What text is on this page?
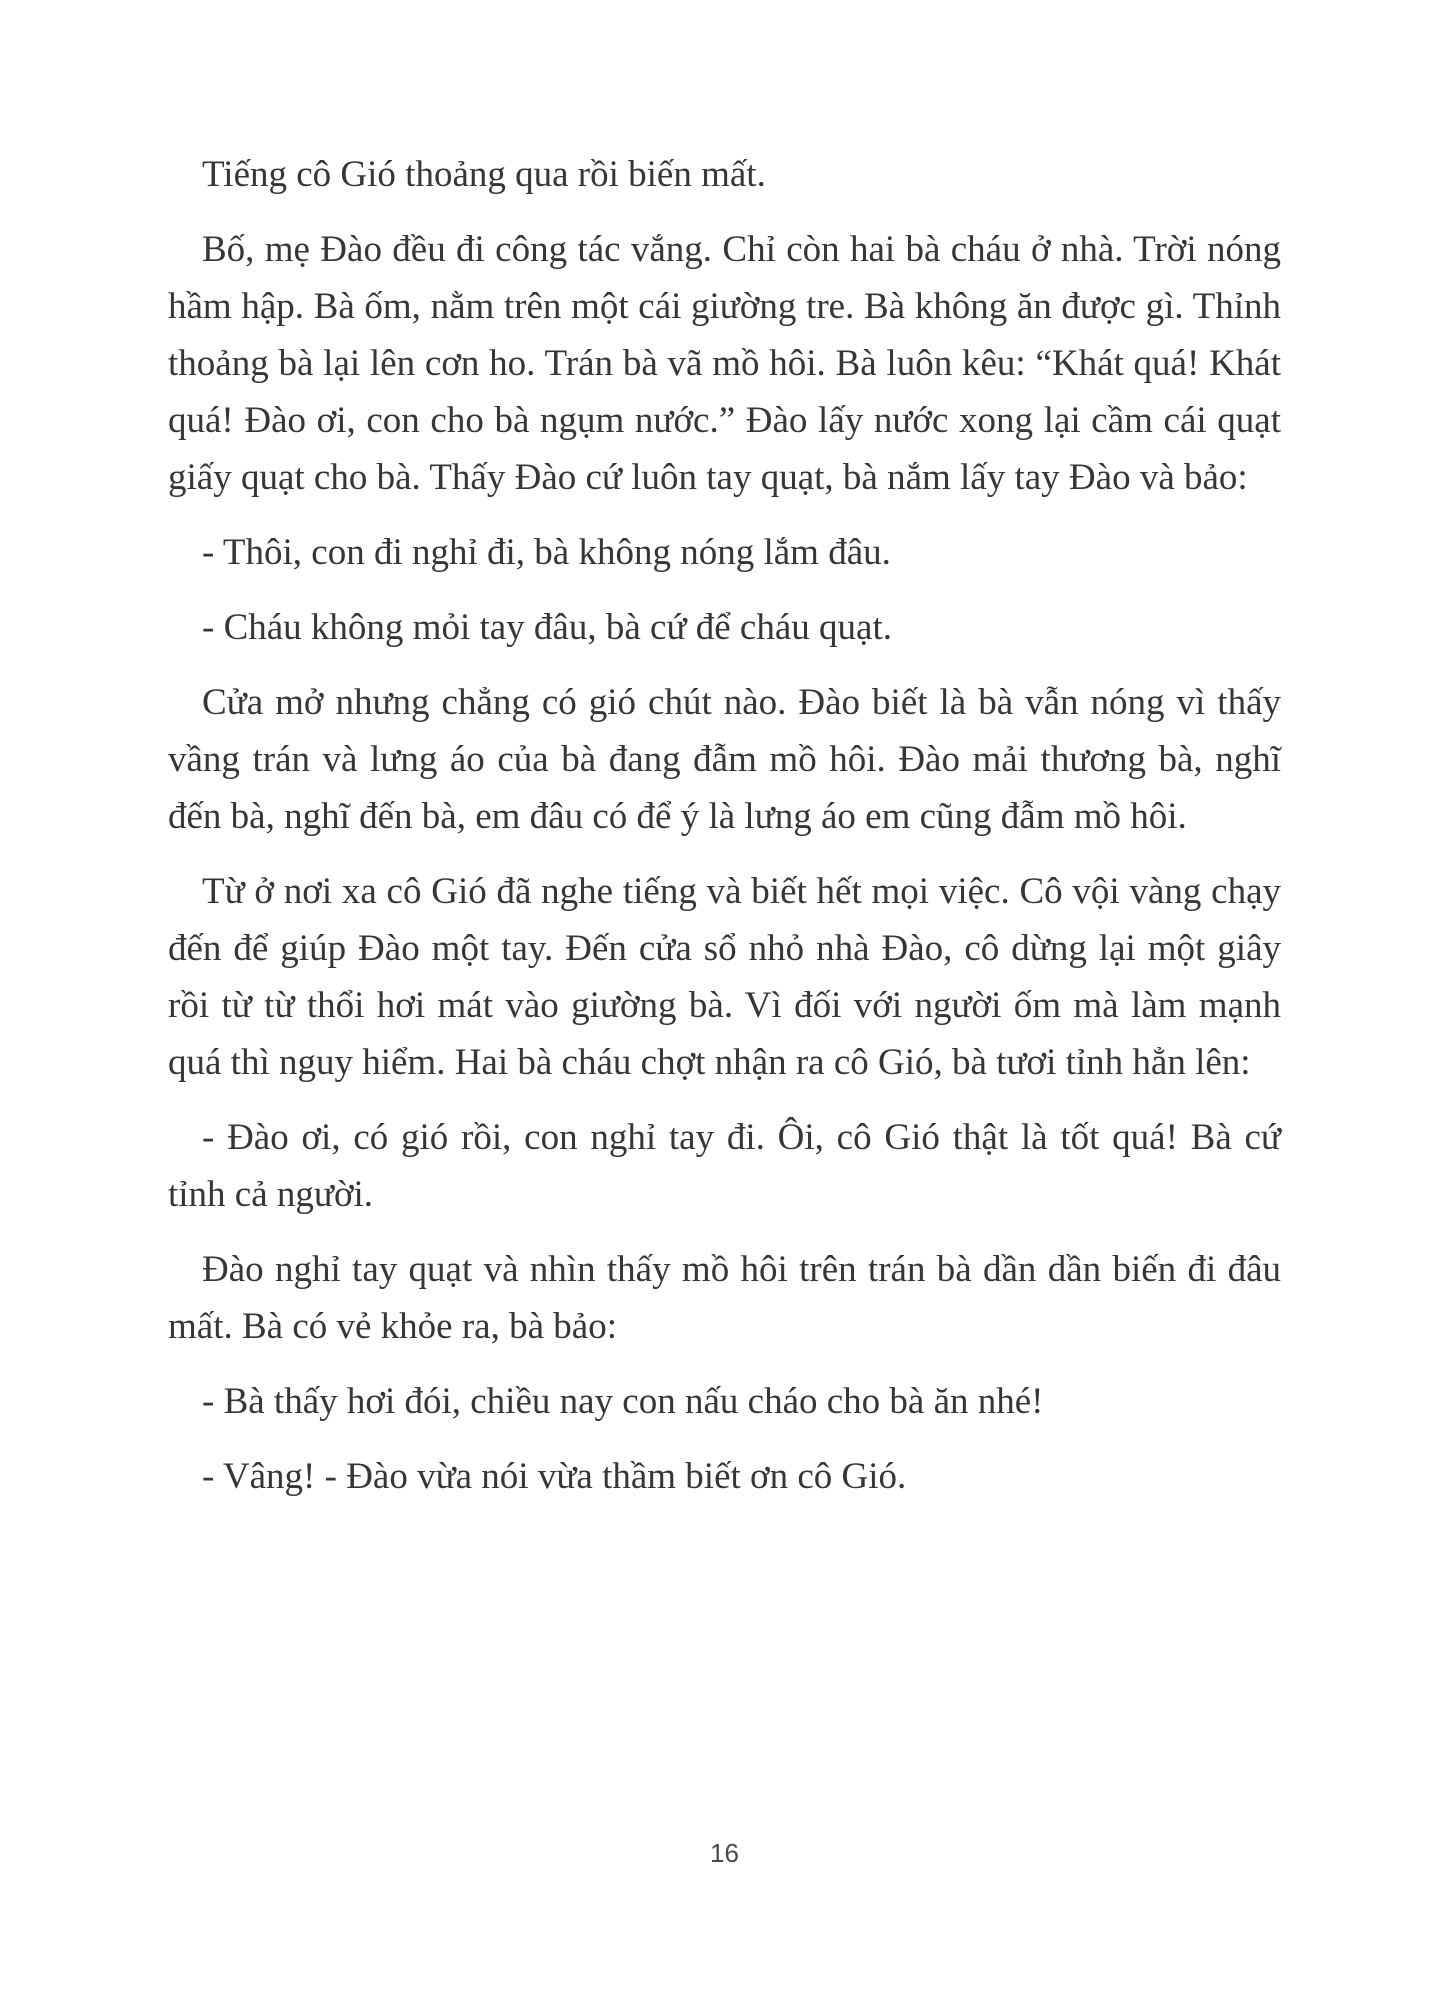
Tiếng cô Gió thoảng qua rồi biến mất.

Bố, mẹ Đào đều đi công tác vắng. Chỉ còn hai bà cháu ở nhà. Trời nóng hầm hập. Bà ốm, nằm trên một cái giường tre. Bà không ăn được gì. Thỉnh thoảng bà lại lên cơn ho. Trán bà vã mồ hôi. Bà luôn kêu: “Khát quá! Khát quá! Đào ơi, con cho bà ngụm nước.” Đào lấy nước xong lại cầm cái quạt giấy quạt cho bà. Thấy Đào cứ luôn tay quạt, bà nắm lấy tay Đào và bảo:

- Thôi, con đi nghỉ đi, bà không nóng lắm đâu.

- Cháu không mỏi tay đâu, bà cứ để cháu quạt.

Cửa mở nhưng chẳng có gió chút nào. Đào biết là bà vẫn nóng vì thấy vầng trán và lưng áo của bà đang đẫm mồ hôi. Đào mải thương bà, nghĩ đến bà, nghĩ đến bà, em đâu có để ý là lưng áo em cũng đẫm mồ hôi.

Từ ở nơi xa cô Gió đã nghe tiếng và biết hết mọi việc. Cô vội vàng chạy đến để giúp Đào một tay. Đến cửa sổ nhỏ nhà Đào, cô dừng lại một giây rồi từ từ thổi hơi mát vào giường bà. Vì đối với người ốm mà làm mạnh quá thì nguy hiểm. Hai bà cháu chợt nhận ra cô Gió, bà tươi tỉnh hẳn lên:

- Đào ơi, có gió rồi, con nghỉ tay đi. Ôi, cô Gió thật là tốt quá! Bà cứ tỉnh cả người.

Đào nghỉ tay quạt và nhìn thấy mồ hôi trên trán bà dần dần biến đi đâu mất. Bà có vẻ khỏe ra, bà bảo:

- Bà thấy hơi đói, chiều nay con nấu cháo cho bà ăn nhé!

- Vâng! - Đào vừa nói vừa thầm biết ơn cô Gió.

16
